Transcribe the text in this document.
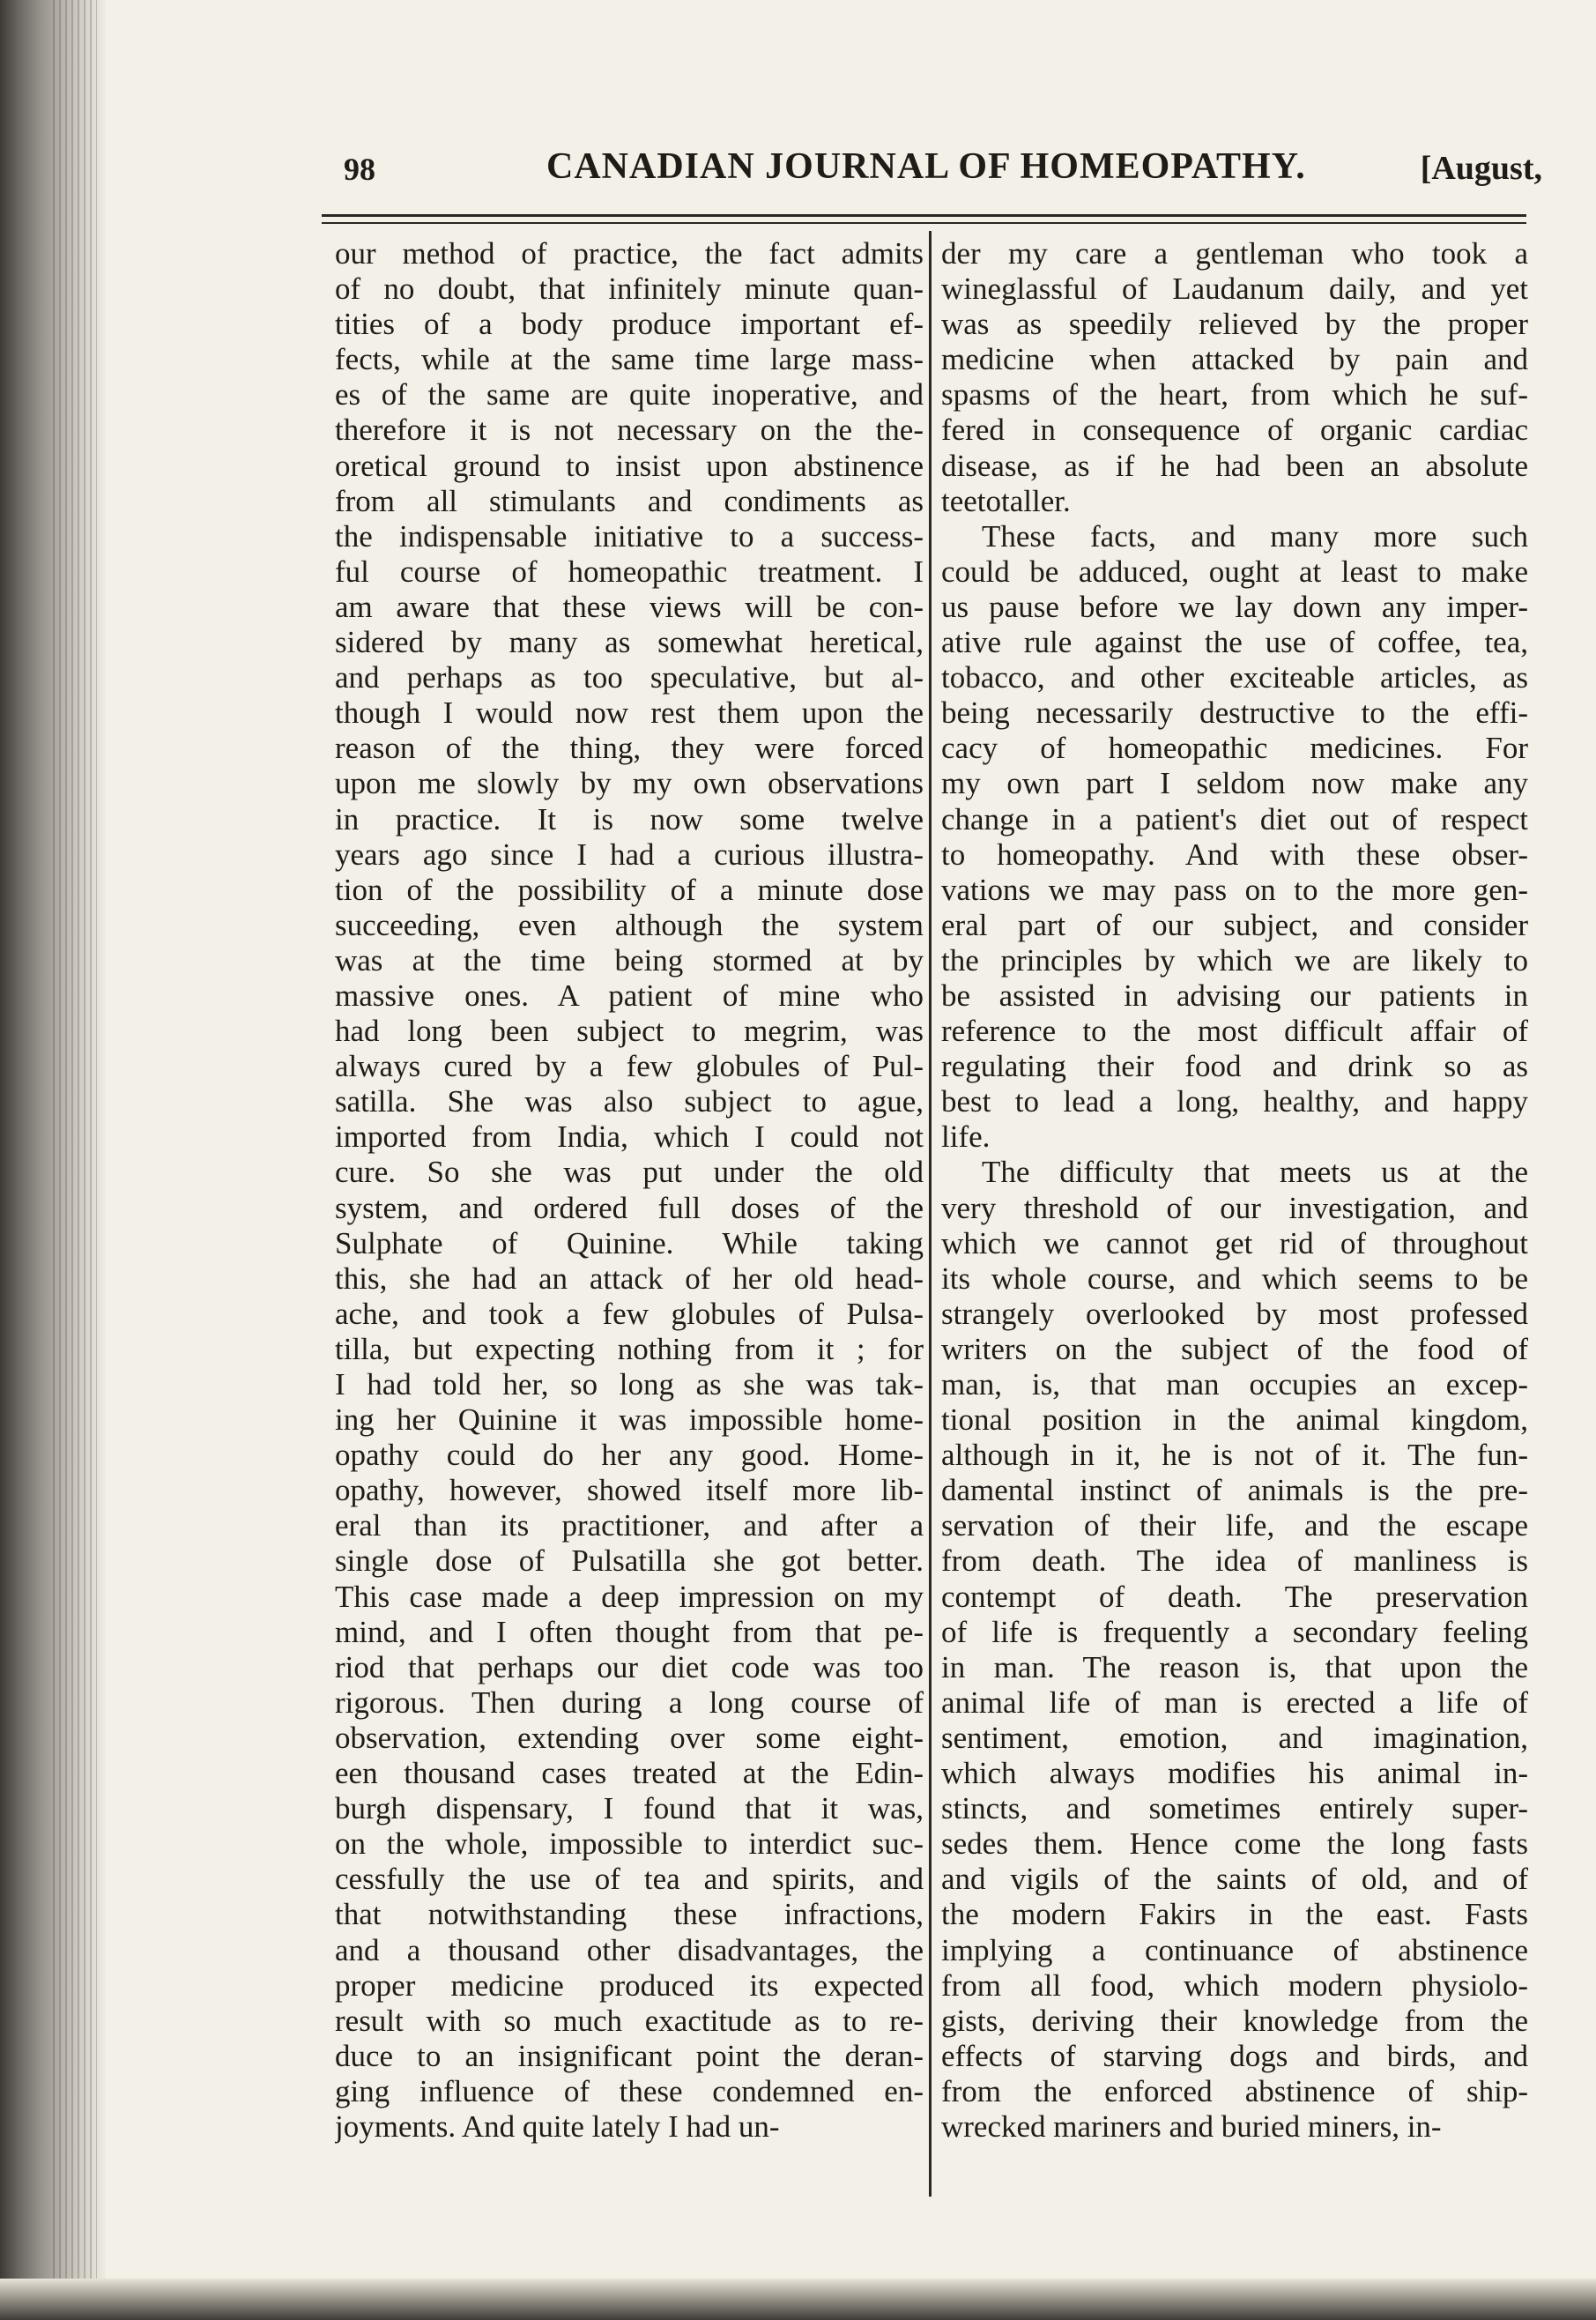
98	CANADIAN JOURNAL OF HOMEOPATHY.	[August,
our method of practice, the fact admits
of no doubt, that infinitely minute quan-
tities of a body produce important ef-
fects, while at the same time large mass-
es of the same are quite inoperative, and
therefore it is not necessary on the the-
oretical ground to insist upon abstinence
from all stimulants and condiments as
the indispensable initiative to a success-
ful course of homeopathic treatment. I
am aware that these views will be con-
sidered by many as somewhat heretical,
and perhaps as too speculative, but al-
though I would now rest them upon the
reason of the thing, they were forced
upon me slowly by my own observations
in practice. It is now some twelve
years ago since I had a curious illustra-
tion of the possibility of a minute dose
succeeding, even although the system
was at the time being stormed at by
massive ones. A patient of mine who
had long been subject to megrim, was
always cured by a few globules of Pul-
satilla. She was also subject to ague,
imported from India, which I could not
cure. So she was put under the old
system, and ordered full doses of the
Sulphate of Quinine. While taking
this, she had an attack of her old head-
ache, and took a few globules of Pulsa-
tilla, but expecting nothing from it ; for
I had told her, so long as she was tak-
ing her Quinine it was impossible home-
opathy could do her any good. Home-
opathy, however, showed itself more lib-
eral than its practitioner, and after a
single dose of Pulsatilla she got better.
This case made a deep impression on my
mind, and I often thought from that pe-
riod that perhaps our diet code was too
rigorous. Then during a long course of
observation, extending over some eight-
een thousand cases treated at the Edin-
burgh dispensary, I found that it was,
on the whole, impossible to interdict suc-
cessfully the use of tea and spirits, and
that notwithstanding these infractions,
and a thousand other disadvantages, the
proper medicine produced its expected
result with so much exactitude as to re-
duce to an insignificant point the deran-
ging influence of these condemned en-
joyments. And quite lately I had un-
der my care a gentleman who took a
wineglassful of Laudanum daily, and yet
was as speedily relieved by the proper
medicine when attacked by pain and
spasms of the heart, from which he suf-
fered in consequence of organic cardiac
disease, as if he had been an absolute
teetotaller.
These facts, and many more such
could be adduced, ought at least to make
us pause before we lay down any imper-
ative rule against the use of coffee, tea,
tobacco, and other exciteable articles, as
being necessarily destructive to the effi-
cacy of homeopathic medicines. For
my own part I seldom now make any
change in a patient's diet out of respect
to homeopathy. And with these obser-
vations we may pass on to the more gen-
eral part of our subject, and consider
the principles by which we are likely to
be assisted in advising our patients in
reference to the most difficult affair of
regulating their food and drink so as
best to lead a long, healthy, and happy
life.
The difficulty that meets us at the
very threshold of our investigation, and
which we cannot get rid of throughout
its whole course, and which seems to be
strangely overlooked by most professed
writers on the subject of the food of
man, is, that man occupies an excep-
tional position in the animal kingdom,
although in it, he is not of it. The fun-
damental instinct of animals is the pre-
servation of their life, and the escape
from death. The idea of manliness is
contempt of death. The preservation
of life is frequently a secondary feeling
in man. The reason is, that upon the
animal life of man is erected a life of
sentiment, emotion, and imagination,
which always modifies his animal in-
stincts, and sometimes entirely super-
sedes them. Hence come the long fasts
and vigils of the saints of old, and of
the modern Fakirs in the east. Fasts
implying a continuance of abstinence
from all food, which modern physiolo-
gists, deriving their knowledge from the
effects of starving dogs and birds, and
from the enforced abstinence of ship-
wrecked mariners and buried miners, in-
